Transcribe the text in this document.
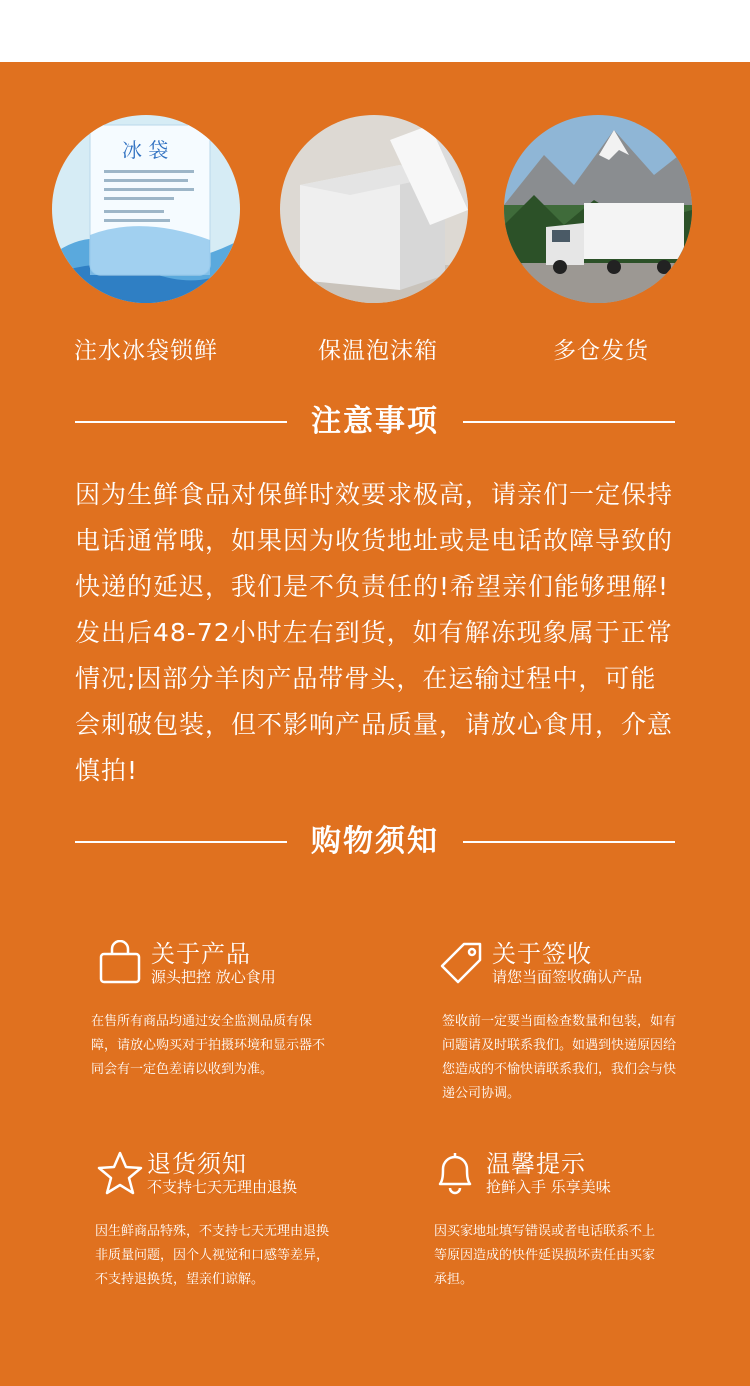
冰 袋
注水冰袋锁鲜	保温泡沫箱	多仓发货
注意事项
因为生鲜食品对保鲜时效要求极高，请亲们一定保持电话通常哦，如果因为收货地址或是电话故障导致的快递的延迟，我们是不负责任的!希望亲们能够理解!发出后48-72小时左右到货，如有解冻现象属于正常情况;因部分羊肉产品带骨头，在运输过程中，可能会刺破包装，但不影响产品质量，请放心食用，介意慎拍!
购物须知
关于产品
源头把控 放心食用
在售所有商品均通过安全监测品质有保障，请放心购买对于拍摄环境和显示器不同会有一定色差请以收到为准。
关于签收
请您当面签收确认产品
签收前一定要当面检查数量和包装，如有问题请及时联系我们。如遇到快递原因给您造成的不愉快请联系我们，我们会与快递公司协调。
退货须知
不支持七天无理由退换
因生鲜商品特殊，不支持七天无理由退换非质量问题，因个人视觉和口感等差异，不支持退换货，望亲们谅解。
温馨提示
抢鲜入手 乐享美味
因买家地址填写错误或者电话联系不上等原因造成的快件延误损坏责任由买家承担。
